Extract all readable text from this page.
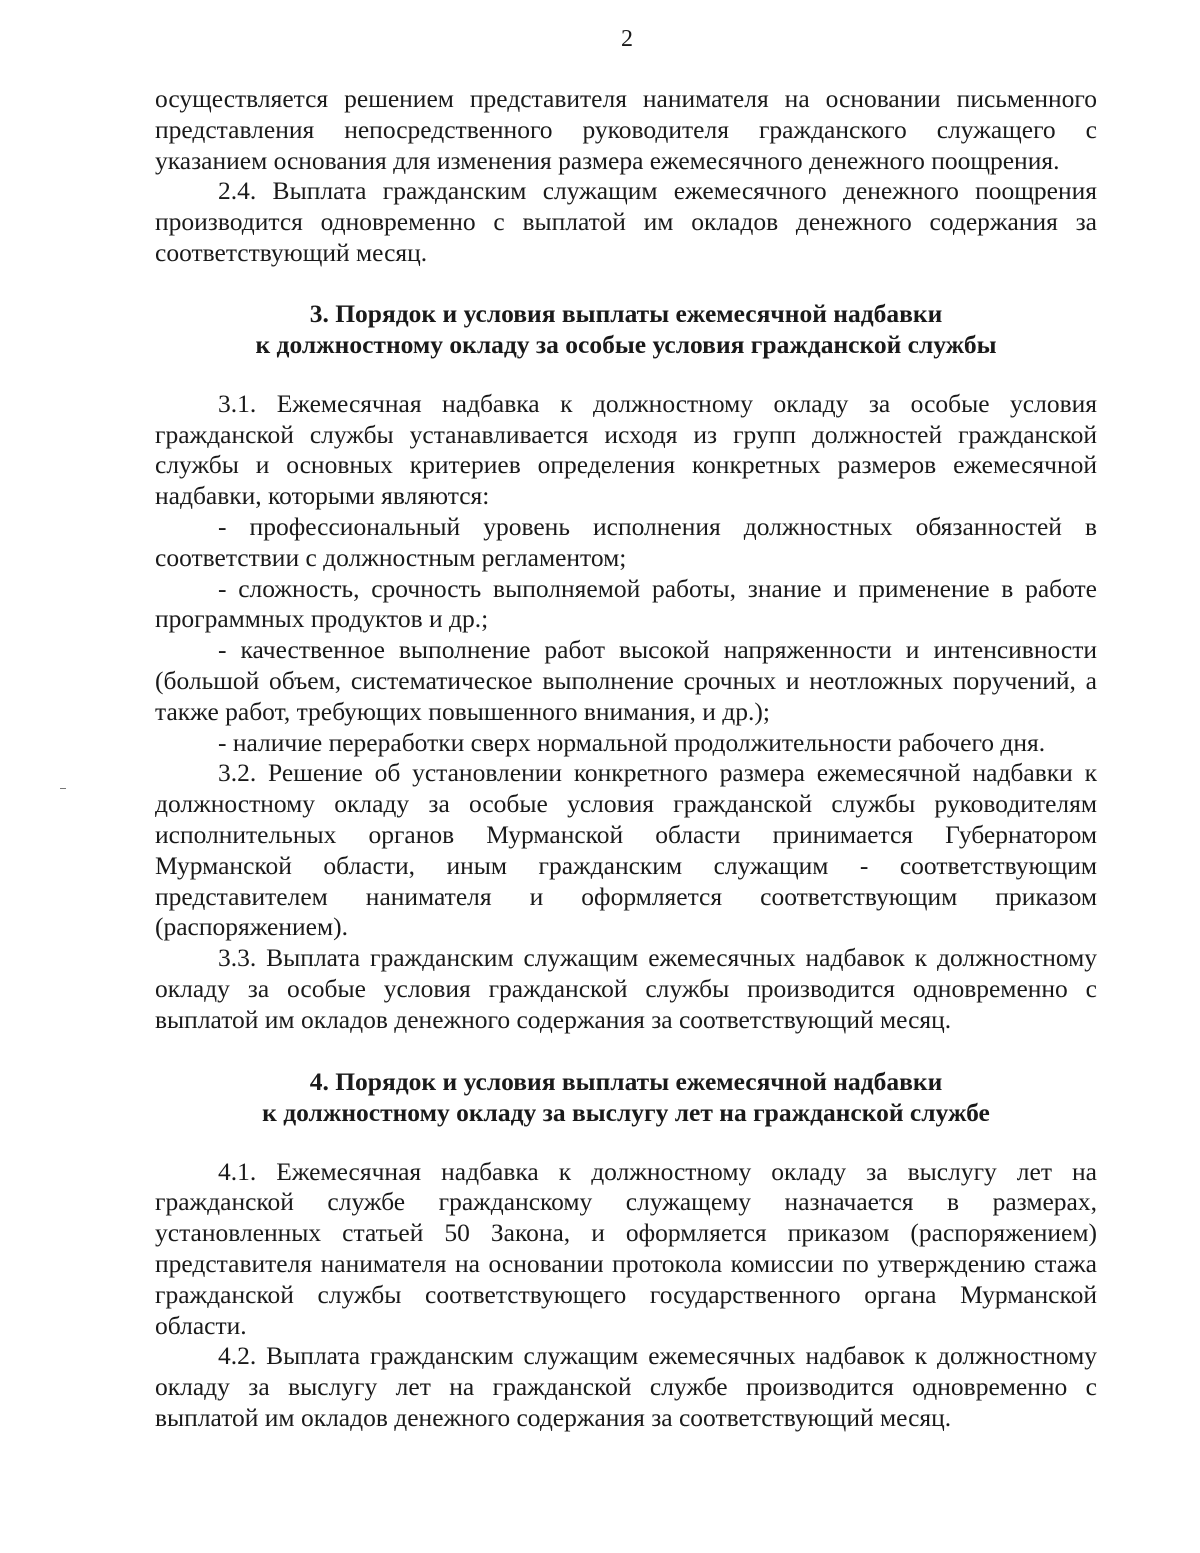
2

осуществляется решением представителя нанимателя на основании письменного представления непосредственного руководителя гражданского служащего с указанием основания для изменения размера ежемесячного денежного поощрения.

2.4. Выплата гражданским служащим ежемесячного денежного поощрения производится одновременно с выплатой им окладов денежного содержания за соответствующий месяц.

3. Порядок и условия выплаты ежемесячной надбавки
к должностному окладу за особые условия гражданской службы

3.1. Ежемесячная надбавка к должностному окладу за особые условия гражданской службы устанавливается исходя из групп должностей гражданской службы и основных критериев определения конкретных размеров ежемесячной надбавки, которыми являются:

- профессиональный уровень исполнения должностных обязанностей в соответствии с должностным регламентом;

- сложность, срочность выполняемой работы, знание и применение в работе программных продуктов и др.;

- качественное выполнение работ высокой напряженности и интенсивности (большой объем, систематическое выполнение срочных и неотложных поручений, а также работ, требующих повышенного внимания, и др.);

- наличие переработки сверх нормальной продолжительности рабочего дня.

3.2. Решение об установлении конкретного размера ежемесячной надбавки к должностному окладу за особые условия гражданской службы руководителям исполнительных органов Мурманской области принимается Губернатором Мурманской области, иным гражданским служащим - соответствующим представителем нанимателя и оформляется соответствующим приказом (распоряжением).

3.3. Выплата гражданским служащим ежемесячных надбавок к должностному окладу за особые условия гражданской службы производится одновременно с выплатой им окладов денежного содержания за соответствующий месяц.

4. Порядок и условия выплаты ежемесячной надбавки
к должностному окладу за выслугу лет на гражданской службе

4.1. Ежемесячная надбавка к должностному окладу за выслугу лет на гражданской службе гражданскому служащему назначается в размерах, установленных статьей 50 Закона, и оформляется приказом (распоряжением) представителя нанимателя на основании протокола комиссии по утверждению стажа гражданской службы соответствующего государственного органа Мурманской области.

4.2. Выплата гражданским служащим ежемесячных надбавок к должностному окладу за выслугу лет на гражданской службе производится одновременно с выплатой им окладов денежного содержания за соответствующий месяц.
